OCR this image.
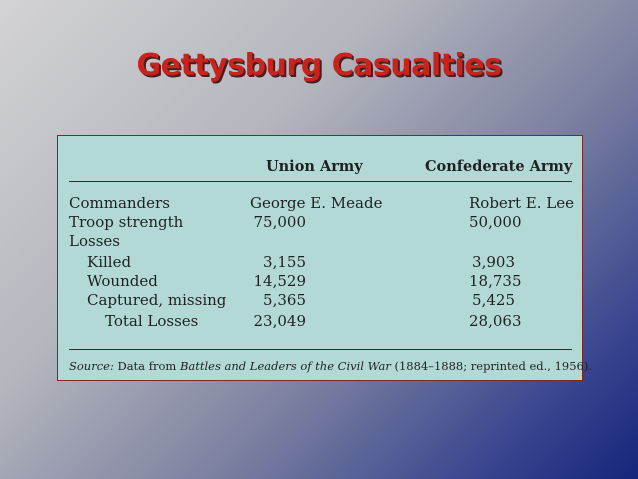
Gettysburg Casualties
Union Army	Confederate Army
Commanders	George E. Meade	Robert E. Lee
Troop strength	75,000	50,000
Losses
Killed	3,155	3,903
Wounded	14,529	18,735
Captured, missing	5,365	5,425
Total Losses	23,049	28,063
Source: Data from Battles and Leaders of the Civil War (1884–1888; reprinted ed., 1956).
